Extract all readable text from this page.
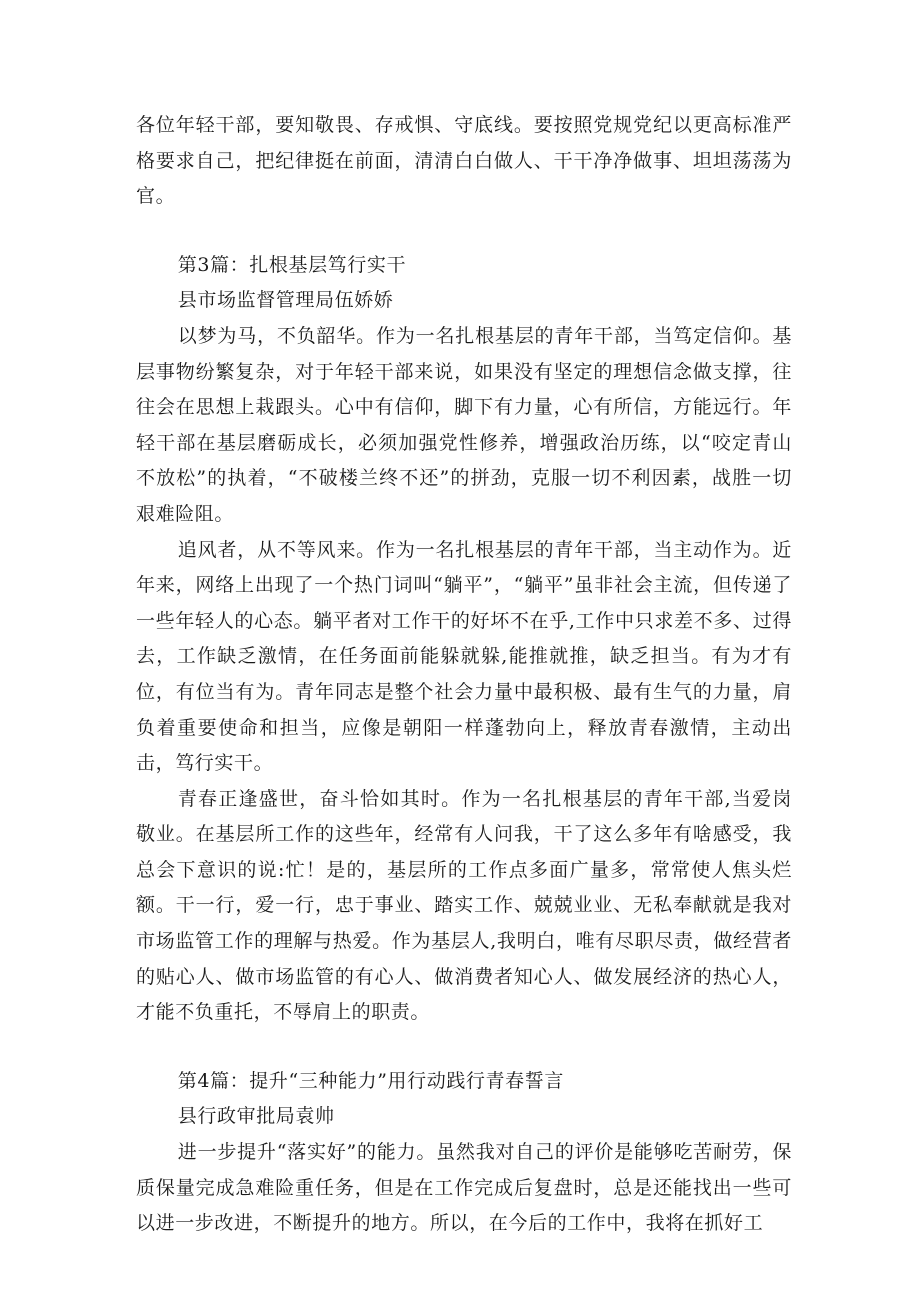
各位年轻干部，要知敬畏、存戒惧、守底线。要按照党规党纪以更高标准严格要求自己，把纪律挺在前面，清清白白做人、干干净净做事、坦坦荡荡为官。

第3篇：扎根基层笃行实干

县市场监督管理局伍娇娇

以梦为马，不负韶华。作为一名扎根基层的青年干部，当笃定信仰。基层事物纷繁复杂，对于年轻干部来说，如果没有坚定的理想信念做支撑，往往会在思想上栽跟头。心中有信仰，脚下有力量，心有所信，方能远行。年轻干部在基层磨砺成长，必须加强党性修养，增强政治历练，以“咬定青山不放松”的执着，“不破楼兰终不还”的拼劲，克服一切不利因素，战胜一切艰难险阻。

追风者，从不等风来。作为一名扎根基层的青年干部，当主动作为。近年来，网络上出现了一个热门词叫“躺平”，“躺平”虽非社会主流，但传递了一些年轻人的心态。躺平者对工作干的好坏不在乎,工作中只求差不多、过得去，工作缺乏激情，在任务面前能躲就躲,能推就推，缺乏担当。有为才有位，有位当有为。青年同志是整个社会力量中最积极、最有生气的力量，肩负着重要使命和担当，应像是朝阳一样蓬勃向上，释放青春激情，主动出击，笃行实干。

青春正逢盛世，奋斗恰如其时。作为一名扎根基层的青年干部,当爱岗敬业。在基层所工作的这些年，经常有人问我，干了这么多年有啥感受，我总会下意识的说:忙！是的，基层所的工作点多面广量多，常常使人焦头烂额。干一行，爱一行，忠于事业、踏实工作、兢兢业业、无私奉献就是我对市场监管工作的理解与热爱。作为基层人,我明白，唯有尽职尽责，做经营者的贴心人、做市场监管的有心人、做消费者知心人、做发展经济的热心人，才能不负重托，不辱肩上的职责。

第4篇：提升“三种能力”用行动践行青春誓言

县行政审批局袁帅

进一步提升“落实好”的能力。虽然我对自己的评价是能够吃苦耐劳，保质保量完成急难险重任务，但是在工作完成后复盘时，总是还能找出一些可以进一步改进，不断提升的地方。所以，在今后的工作中，我将在抓好工
